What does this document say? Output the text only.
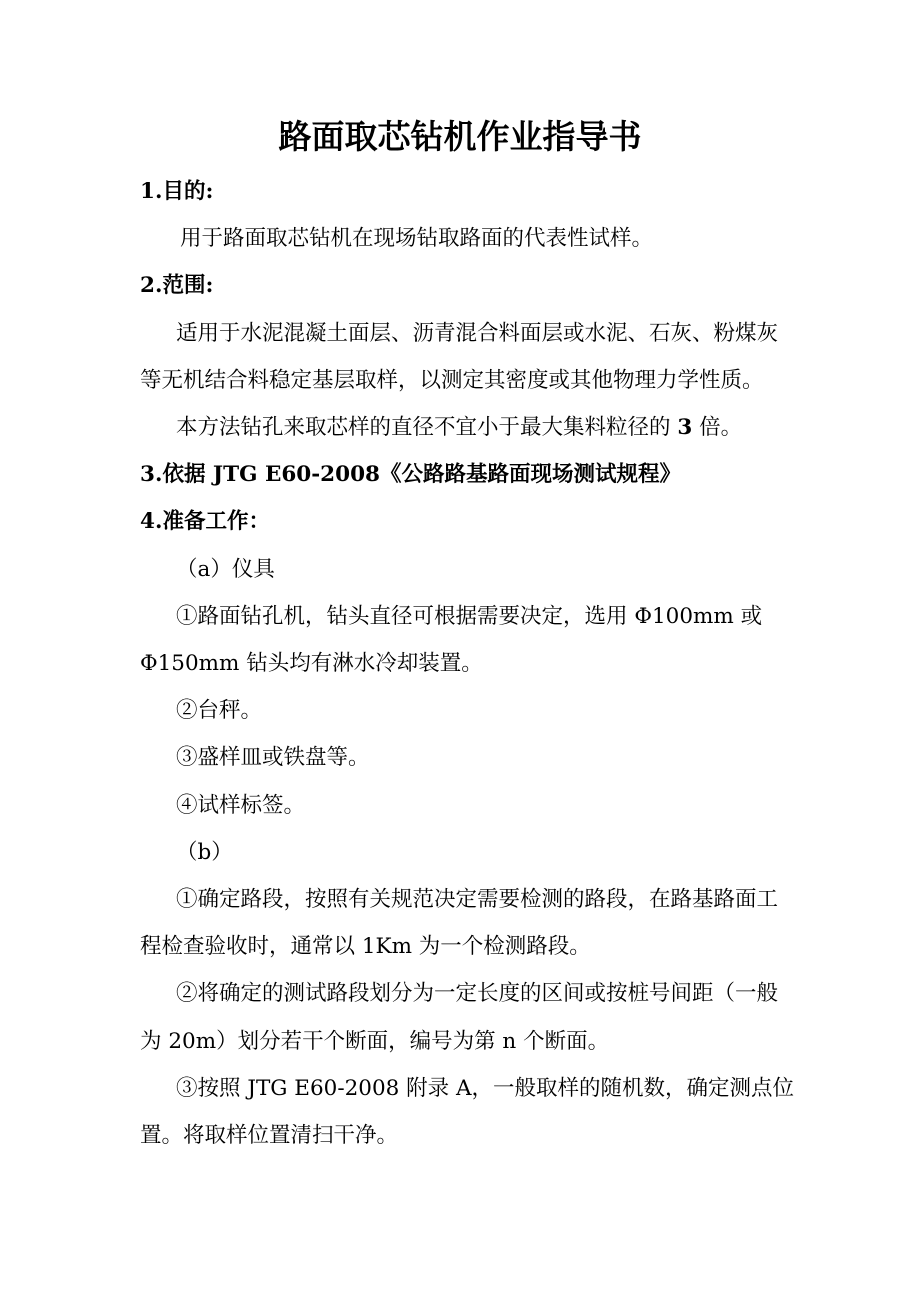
路面取芯钻机作业指导书

1.目的:

用于路面取芯钻机在现场钻取路面的代表性试样。

2.范围:

适用于水泥混凝土面层、沥青混合料面层或水泥、石灰、粉煤灰

等无机结合料稳定基层取样，以测定其密度或其他物理力学性质。

本方法钻孔来取芯样的直径不宜小于最大集料粒径的 3 倍。

3.依据 JTG E60-2008《公路路基路面现场测试规程》

4.准备工作：

（a）仪具

①路面钻孔机，钻头直径可根据需要决定，选用 Φ100mm 或

Φ150mm 钻头均有淋水冷却装置。

②台秤。

③盛样皿或铁盘等。

④试样标签。

（b）

①确定路段，按照有关规范决定需要检测的路段，在路基路面工

程检查验收时，通常以 1Km 为一个检测路段。

②将确定的测试路段划分为一定长度的区间或按桩号间距（一般

为 20m）划分若干个断面，编号为第 n 个断面。

③按照 JTG E60-2008 附录 A，一般取样的随机数，确定测点位

置。将取样位置清扫干净。
